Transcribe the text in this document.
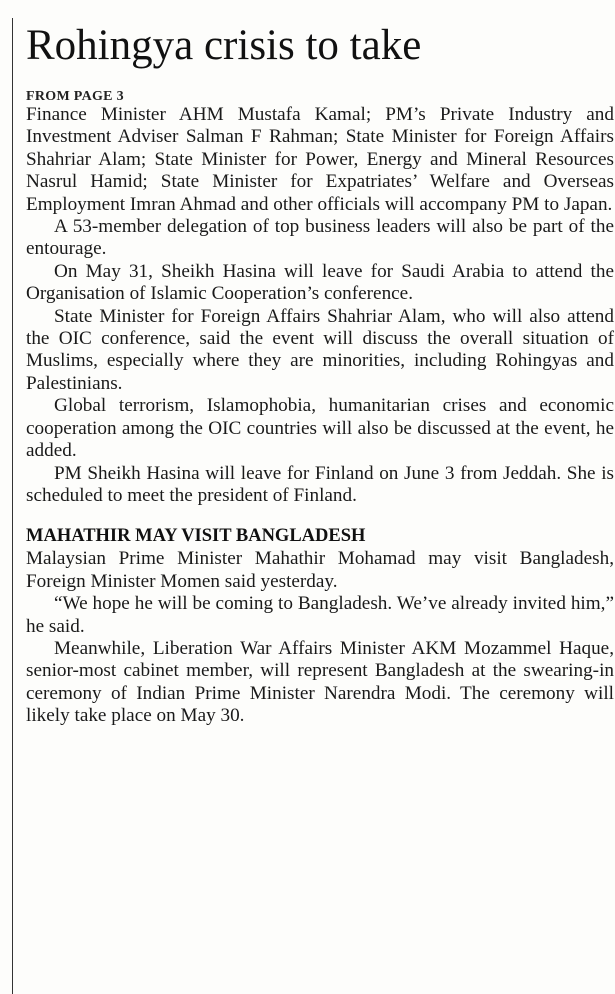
Rohingya crisis to take

FROM PAGE 3

Finance Minister AHM Mustafa Kamal; PM’s Private Industry and Investment Adviser Salman F Rahman; State Minister for Foreign Affairs Shahriar Alam; State Minister for Power, Energy and Mineral Resources Nasrul Hamid; State Minister for Expatriates’ Welfare and Overseas Employment Imran Ahmad and other officials will accompany PM to Japan.

A 53-member delegation of top business leaders will also be part of the entourage.

On May 31, Sheikh Hasina will leave for Saudi Arabia to attend the Organisation of Islamic Cooperation’s conference.

State Minister for Foreign Affairs Shahriar Alam, who will also attend the OIC conference, said the event will discuss the overall situation of Muslims, especially where they are minorities, including Rohingyas and Palestinians.

Global terrorism, Islamophobia, humanitarian crises and economic cooperation among the OIC countries will also be discussed at the event, he added.

PM Sheikh Hasina will leave for Finland on June 3 from Jeddah. She is scheduled to meet the president of Finland.

MAHATHIR MAY VISIT BANGLADESH

Malaysian Prime Minister Mahathir Mohamad may visit Bangladesh, Foreign Minister Momen said yesterday.

“We hope he will be coming to Bangladesh. We’ve already invited him,” he said.

Meanwhile, Liberation War Affairs Minister AKM Mozammel Haque, senior-most cabinet member, will represent Bangladesh at the swearing-in ceremony of Indian Prime Minister Narendra Modi. The ceremony will likely take place on May 30.
